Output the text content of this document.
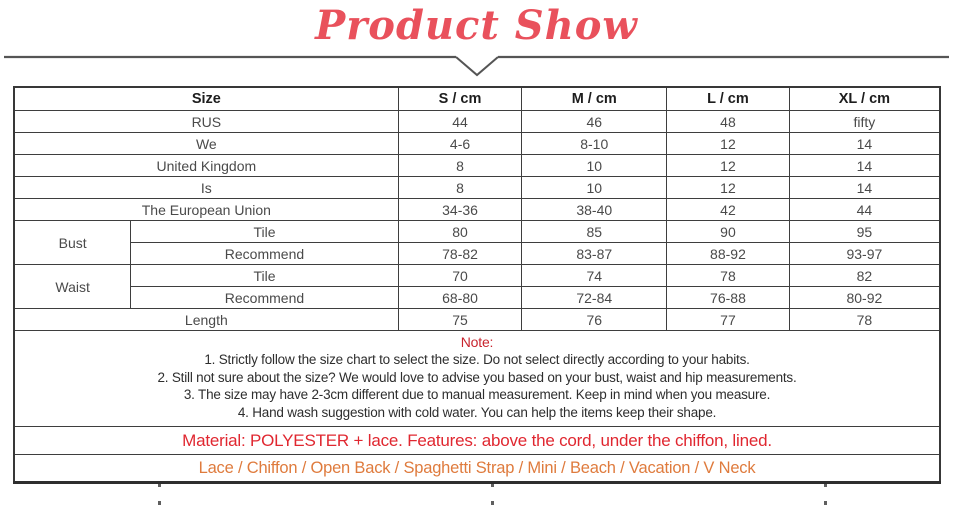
Product Show
Size		S / cm	M / cm	L / cm	XL / cm
RUS		44	46	48	fifty
We		4-6	8-10	12	14
United Kingdom		8	10	12	14
Is		8	10	12	14
The European Union		34-36	38-40	42	44
Bust	Tile	80	85	90	95
	Recommend	78-82	83-87	88-92	93-97
Waist	Tile	70	74	78	82
	Recommend	68-80	72-84	76-88	80-92
Length		75	76	77	78

Note:
1. Strictly follow the size chart to select the size. Do not select directly according to your habits.
2. Still not sure about the size? We would love to advise you based on your bust, waist and hip measurements.
3. The size may have 2-3cm different due to manual measurement. Keep in mind when you measure.
4. Hand wash suggestion with cold water. You can help the items keep their shape.					

Material: POLYESTER + lace. Features: above the cord, under the chiffon, lined.					
Lace / Chiffon / Open Back / Spaghetti Strap / Mini / Beach / Vacation / V Neck					
